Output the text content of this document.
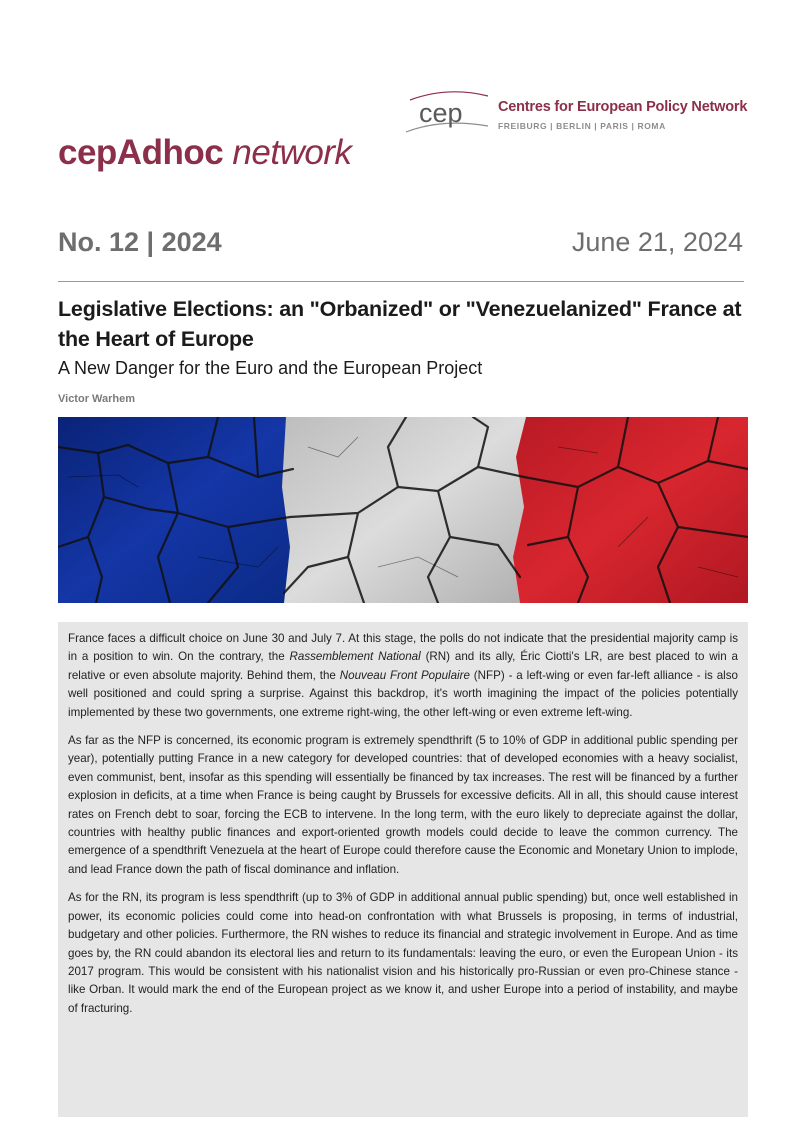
cep Centres for European Policy Network
FREIBURG | BERLIN | PARIS | ROMA
cepAdhoc network
No. 12 | 2024	June 21, 2024
Legislative Elections: an "Orbanized" or "Venezuelanized" France at the Heart of Europe
A New Danger for the Euro and the European Project
Victor Warhem

France faces a difficult choice on June 30 and July 7. At this stage, the polls do not indicate that the presidential majority camp is in a position to win. On the contrary, the Rassemblement National (RN) and its ally, Éric Ciotti's LR, are best placed to win a relative or even absolute majority. Behind them, the Nouveau Front Populaire (NFP) - a left-wing or even far-left alliance - is also well positioned and could spring a surprise. Against this backdrop, it's worth imagining the impact of the policies potentially implemented by these two governments, one extreme right-wing, the other left-wing or even extreme left-wing.

As far as the NFP is concerned, its economic program is extremely spendthrift (5 to 10% of GDP in additional public spending per year), potentially putting France in a new category for developed countries: that of developed economies with a heavy socialist, even communist, bent, insofar as this spending will essentially be financed by tax increases. The rest will be financed by a further explosion in deficits, at a time when France is being caught by Brussels for excessive deficits. All in all, this should cause interest rates on French debt to soar, forcing the ECB to intervene. In the long term, with the euro likely to depreciate against the dollar, countries with healthy public finances and export-oriented growth models could decide to leave the common currency. The emergence of a spendthrift Venezuela at the heart of Europe could therefore cause the Economic and Monetary Union to implode, and lead France down the path of fiscal dominance and inflation.

As for the RN, its program is less spendthrift (up to 3% of GDP in additional annual public spending) but, once well established in power, its economic policies could come into head-on confrontation with what Brussels is proposing, in terms of industrial, budgetary and other policies. Furthermore, the RN wishes to reduce its financial and strategic involvement in Europe. And as time goes by, the RN could abandon its electoral lies and return to its fundamentals: leaving the euro, or even the European Union - its 2017 program. This would be consistent with his nationalist vision and his historically pro-Russian or even pro-Chinese stance - like Orban. It would mark the end of the European project as we know it, and usher Europe into a period of instability, and maybe of fracturing.
